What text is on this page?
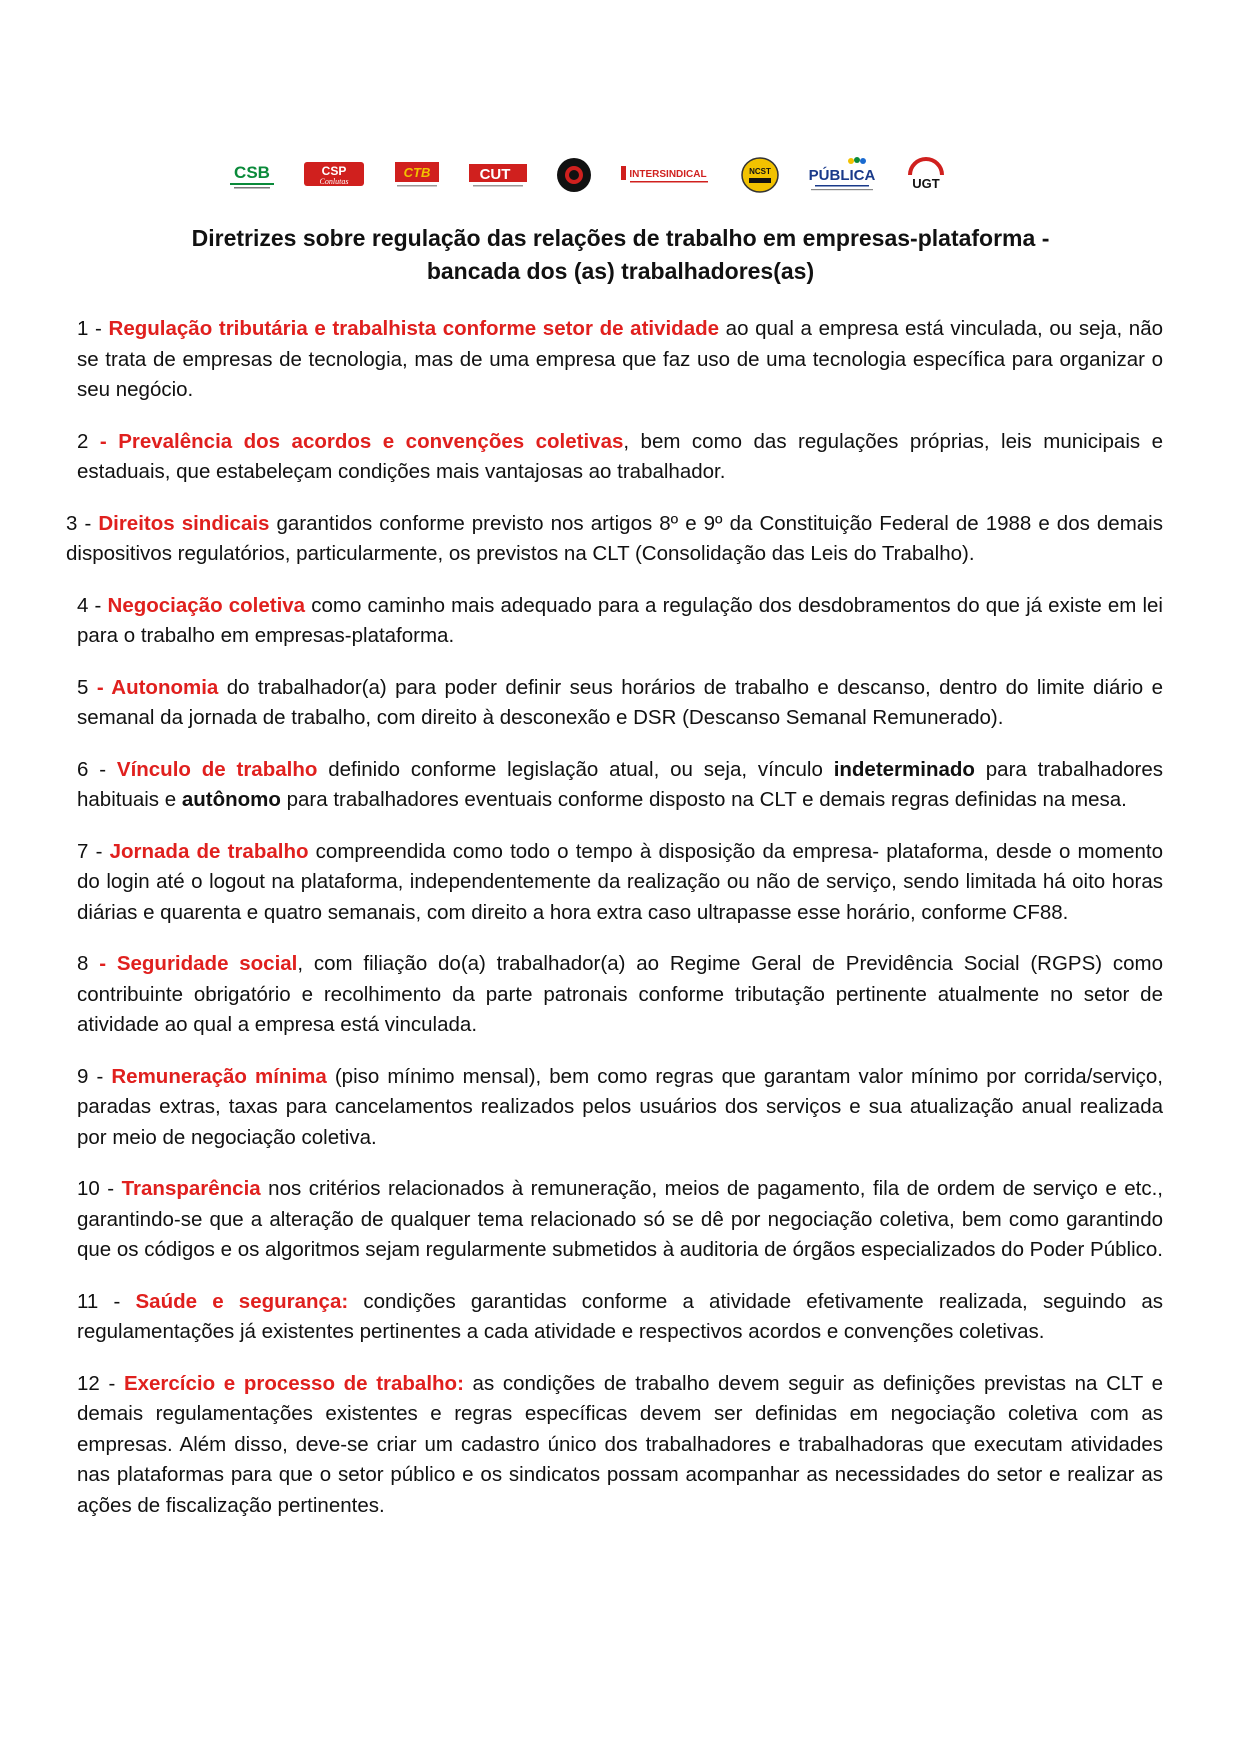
CSB	CSP
Conlutas
CTB	CUT	INTERSINDICAL	NCST	PÚBLICA	UGT
Diretrizes sobre regulação das relações de trabalho em empresas-plataforma -
bancada dos (as) trabalhadores(as)

1 - Regulação tributária e trabalhista conforme setor de atividade ao qual a empresa está vinculada, ou seja, não se trata de empresas de tecnologia, mas de uma empresa que faz uso de uma tecnologia específica para organizar o seu negócio.

2 - Prevalência dos acordos e convenções coletivas, bem como das regulações próprias, leis municipais e estaduais, que estabeleçam condições mais vantajosas ao trabalhador.

3 - Direitos sindicais garantidos conforme previsto nos artigos 8º e 9º da Constituição Federal de 1988 e dos demais dispositivos regulatórios, particularmente, os previstos na CLT (Consolidação das Leis do Trabalho).

4 - Negociação coletiva como caminho mais adequado para a regulação dos desdobramentos do que já existe em lei para o trabalho em empresas-plataforma.

5 - Autonomia do trabalhador(a) para poder definir seus horários de trabalho e descanso, dentro do limite diário e semanal da jornada de trabalho, com direito à desconexão e DSR (Descanso Semanal Remunerado).

6 - Vínculo de trabalho definido conforme legislação atual, ou seja, vínculo indeterminado para trabalhadores habituais e autônomo para trabalhadores eventuais conforme disposto na CLT e demais regras definidas na mesa.

7 - Jornada de trabalho compreendida como todo o tempo à disposição da empresa- plataforma, desde o momento do login até o logout na plataforma, independentemente da realização ou não de serviço, sendo limitada há oito horas diárias e quarenta e quatro semanais, com direito a hora extra caso ultrapasse esse horário, conforme CF88.

8 - Seguridade social, com filiação do(a) trabalhador(a) ao Regime Geral de Previdência Social (RGPS) como contribuinte obrigatório e recolhimento da parte patronais conforme tributação pertinente atualmente no setor de atividade ao qual a empresa está vinculada.

9 - Remuneração mínima (piso mínimo mensal), bem como regras que garantam valor mínimo por corrida/serviço, paradas extras, taxas para cancelamentos realizados pelos usuários dos serviços e sua atualização anual realizada por meio de negociação coletiva.

10 - Transparência nos critérios relacionados à remuneração, meios de pagamento, fila de ordem de serviço e etc., garantindo-se que a alteração de qualquer tema relacionado só se dê por negociação coletiva, bem como garantindo que os códigos e os algoritmos sejam regularmente submetidos à auditoria de órgãos especializados do Poder Público.

11 - Saúde e segurança: condições garantidas conforme a atividade efetivamente realizada, seguindo as regulamentações já existentes pertinentes a cada atividade e respectivos acordos e convenções coletivas.

12 - Exercício e processo de trabalho: as condições de trabalho devem seguir as definições previstas na CLT e demais regulamentações existentes e regras específicas devem ser definidas em negociação coletiva com as empresas. Além disso, deve-se criar um cadastro único dos trabalhadores e trabalhadoras que executam atividades nas plataformas para que o setor público e os sindicatos possam acompanhar as necessidades do setor e realizar as ações de fiscalização pertinentes.
